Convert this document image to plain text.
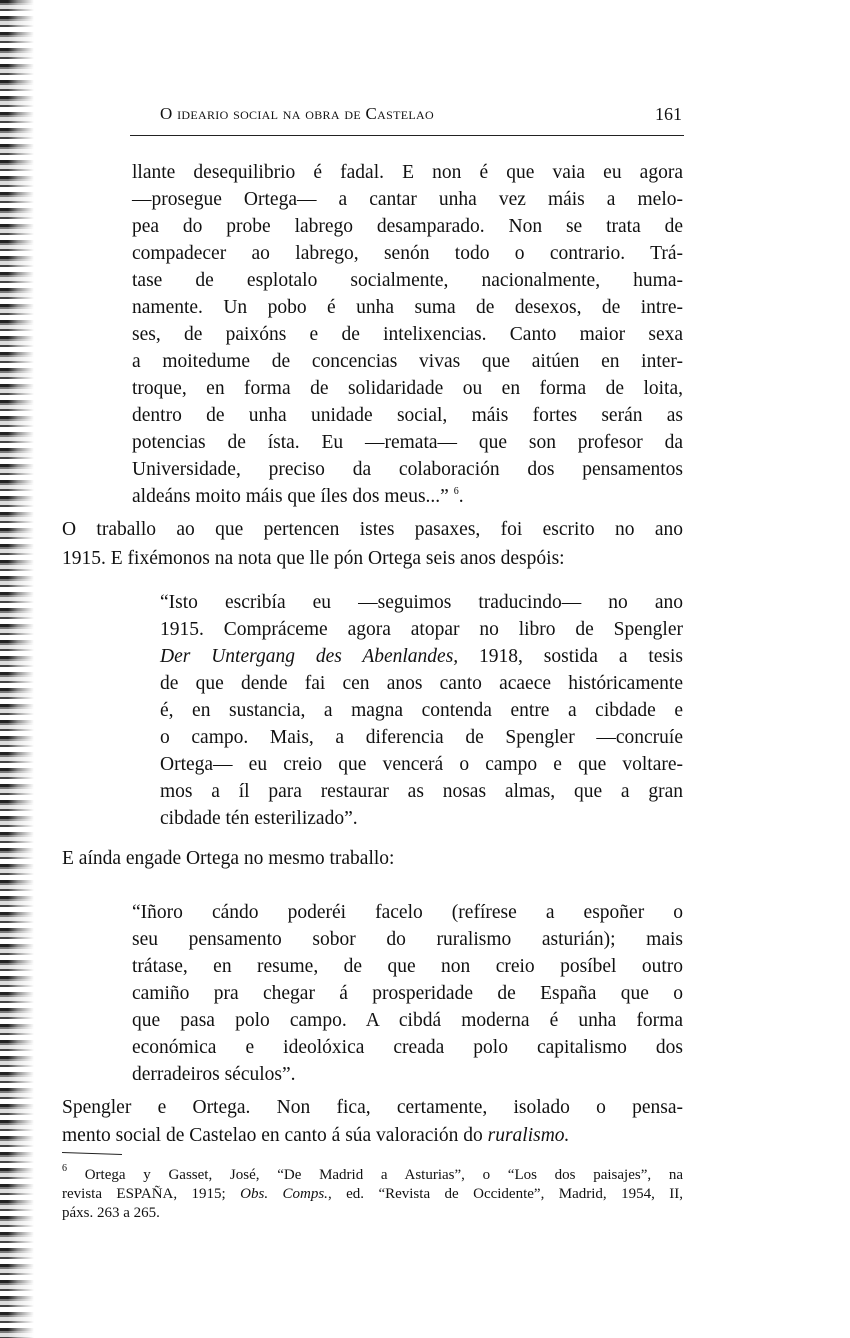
O ideario social na obra de Castelao	161
llante desequilibrio é fadal. E non é que vaia eu agora
—prosegue Ortega— a cantar unha vez máis a melo-
pea do probe labrego desamparado. Non se trata de
compadecer ao labrego, senón todo o contrario. Trá-
tase de esplotalo socialmente, nacionalmente, huma-
namente. Un pobo é unha suma de desexos, de intre-
ses, de paixóns e de intelixencias. Canto maior sexa
a moitedume de concencias vivas que aitúen en inter-
troque, en forma de solidaridade ou en forma de loita,
dentro de unha unidade social, máis fortes serán as
potencias de ísta. Eu —remata— que son profesor da
Universidade, preciso da colaboración dos pensamentos
aldeáns moito máis que íles dos meus...” $^6$.
O traballo ao que pertencen istes pasaxes, foi escrito no ano
1915. E fixémonos na nota que lle pón Ortega seis anos despóis:
“Isto escribía eu —seguimos traducindo— no ano
1915. Compráceme agora atopar no libro de Spengler
Der Untergang des Abenlandes, 1918, sostida a tesis
de que dende fai cen anos canto acaece históricamente
é, en sustancia, a magna contenda entre a cibdade e
o campo. Mais, a diferencia de Spengler —concruíe
Ortega— eu creio que vencerá o campo e que voltare-
mos a íl para restaurar as nosas almas, que a gran
cibdade tén esterilizado”.
E aínda engade Ortega no mesmo traballo:
“Iñoro cándo poderéi facelo (refírese a espoñer o
seu pensamento sobor do ruralismo asturián); mais
trátase, en resume, de que non creio posíbel outro
camiño pra chegar á prosperidade de España que o
que pasa polo campo. A cibdá moderna é unha forma
económica e ideolóxica creada polo capitalismo dos
derradeiros séculos”.
Spengler e Ortega. Non fica, certamente, isolado o pensa-
mento social de Castelao en canto á súa valoración do ruralismo.
$^6$ Ortega y Gasset, José, “De Madrid a Asturias”, o “Los dos paisajes”, na
revista ESPAÑA, 1915; Obs. Comps., ed. “Revista de Occidente”, Madrid, 1954, II,
páxs. 263 a 265.
